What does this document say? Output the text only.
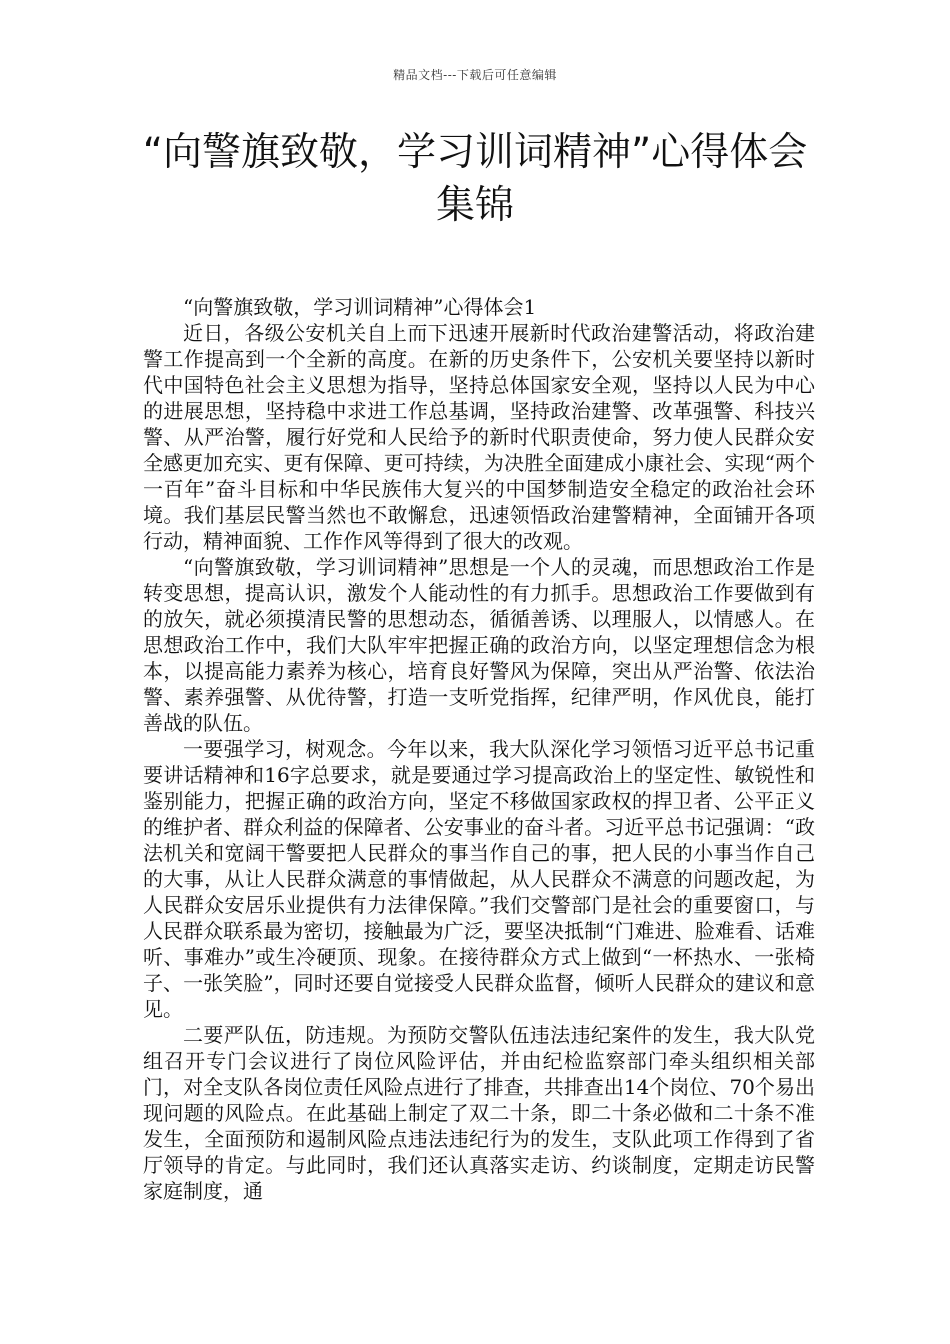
精品文档---下载后可任意编辑
“向警旗致敬，学习训词精神”心得体会集锦

“向警旗致敬，学习训词精神”心得体会1

近日，各级公安机关自上而下迅速开展新时代政治建警活动，将政治建警工作提高到一个全新的高度。在新的历史条件下，公安机关要坚持以新时代中国特色社会主义思想为指导，坚持总体国家安全观，坚持以人民为中心的进展思想，坚持稳中求进工作总基调，坚持政治建警、改革强警、科技兴警、从严治警，履行好党和人民给予的新时代职责使命，努力使人民群众安全感更加充实、更有保障、更可持续，为决胜全面建成小康社会、实现“两个一百年”奋斗目标和中华民族伟大复兴的中国梦制造安全稳定的政治社会环境。我们基层民警当然也不敢懈怠，迅速领悟政治建警精神，全面铺开各项行动，精神面貌、工作作风等得到了很大的改观。

“向警旗致敬，学习训词精神”思想是一个人的灵魂，而思想政治工作是转变思想，提高认识，激发个人能动性的有力抓手。思想政治工作要做到有的放矢，就必须摸清民警的思想动态，循循善诱、以理服人，以情感人。在思想政治工作中，我们大队牢牢把握正确的政治方向，以坚定理想信念为根本，以提高能力素养为核心，培育良好警风为保障，突出从严治警、依法治警、素养强警、从优待警，打造一支听党指挥，纪律严明，作风优良，能打善战的队伍。

一要强学习，树观念。今年以来，我大队深化学习领悟习近平总书记重要讲话精神和16字总要求，就是要通过学习提高政治上的坚定性、敏锐性和鉴别能力，把握正确的政治方向，坚定不移做国家政权的捍卫者、公平正义的维护者、群众利益的保障者、公安事业的奋斗者。习近平总书记强调：“政法机关和宽阔干警要把人民群众的事当作自己的事，把人民的小事当作自己的大事，从让人民群众满意的事情做起，从人民群众不满意的问题改起，为人民群众安居乐业提供有力法律保障。”我们交警部门是社会的重要窗口，与人民群众联系最为密切，接触最为广泛，要坚决抵制“门难进、脸难看、话难听、事难办”或生冷硬顶、现象。在接待群众方式上做到“一杯热水、一张椅子、一张笑脸”，同时还要自觉接受人民群众监督，倾听人民群众的建议和意见。

二要严队伍，防违规。为预防交警队伍违法违纪案件的发生，我大队党组召开专门会议进行了岗位风险评估，并由纪检监察部门牵头组织相关部门，对全支队各岗位责任风险点进行了排查，共排查出14个岗位、70个易出现问题的风险点。在此基础上制定了双二十条，即二十条必做和二十条不准发生，全面预防和遏制风险点违法违纪行为的发生，支队此项工作得到了省厅领导的肯定。与此同时，我们还认真落实走访、约谈制度，定期走访民警家庭制度，通
